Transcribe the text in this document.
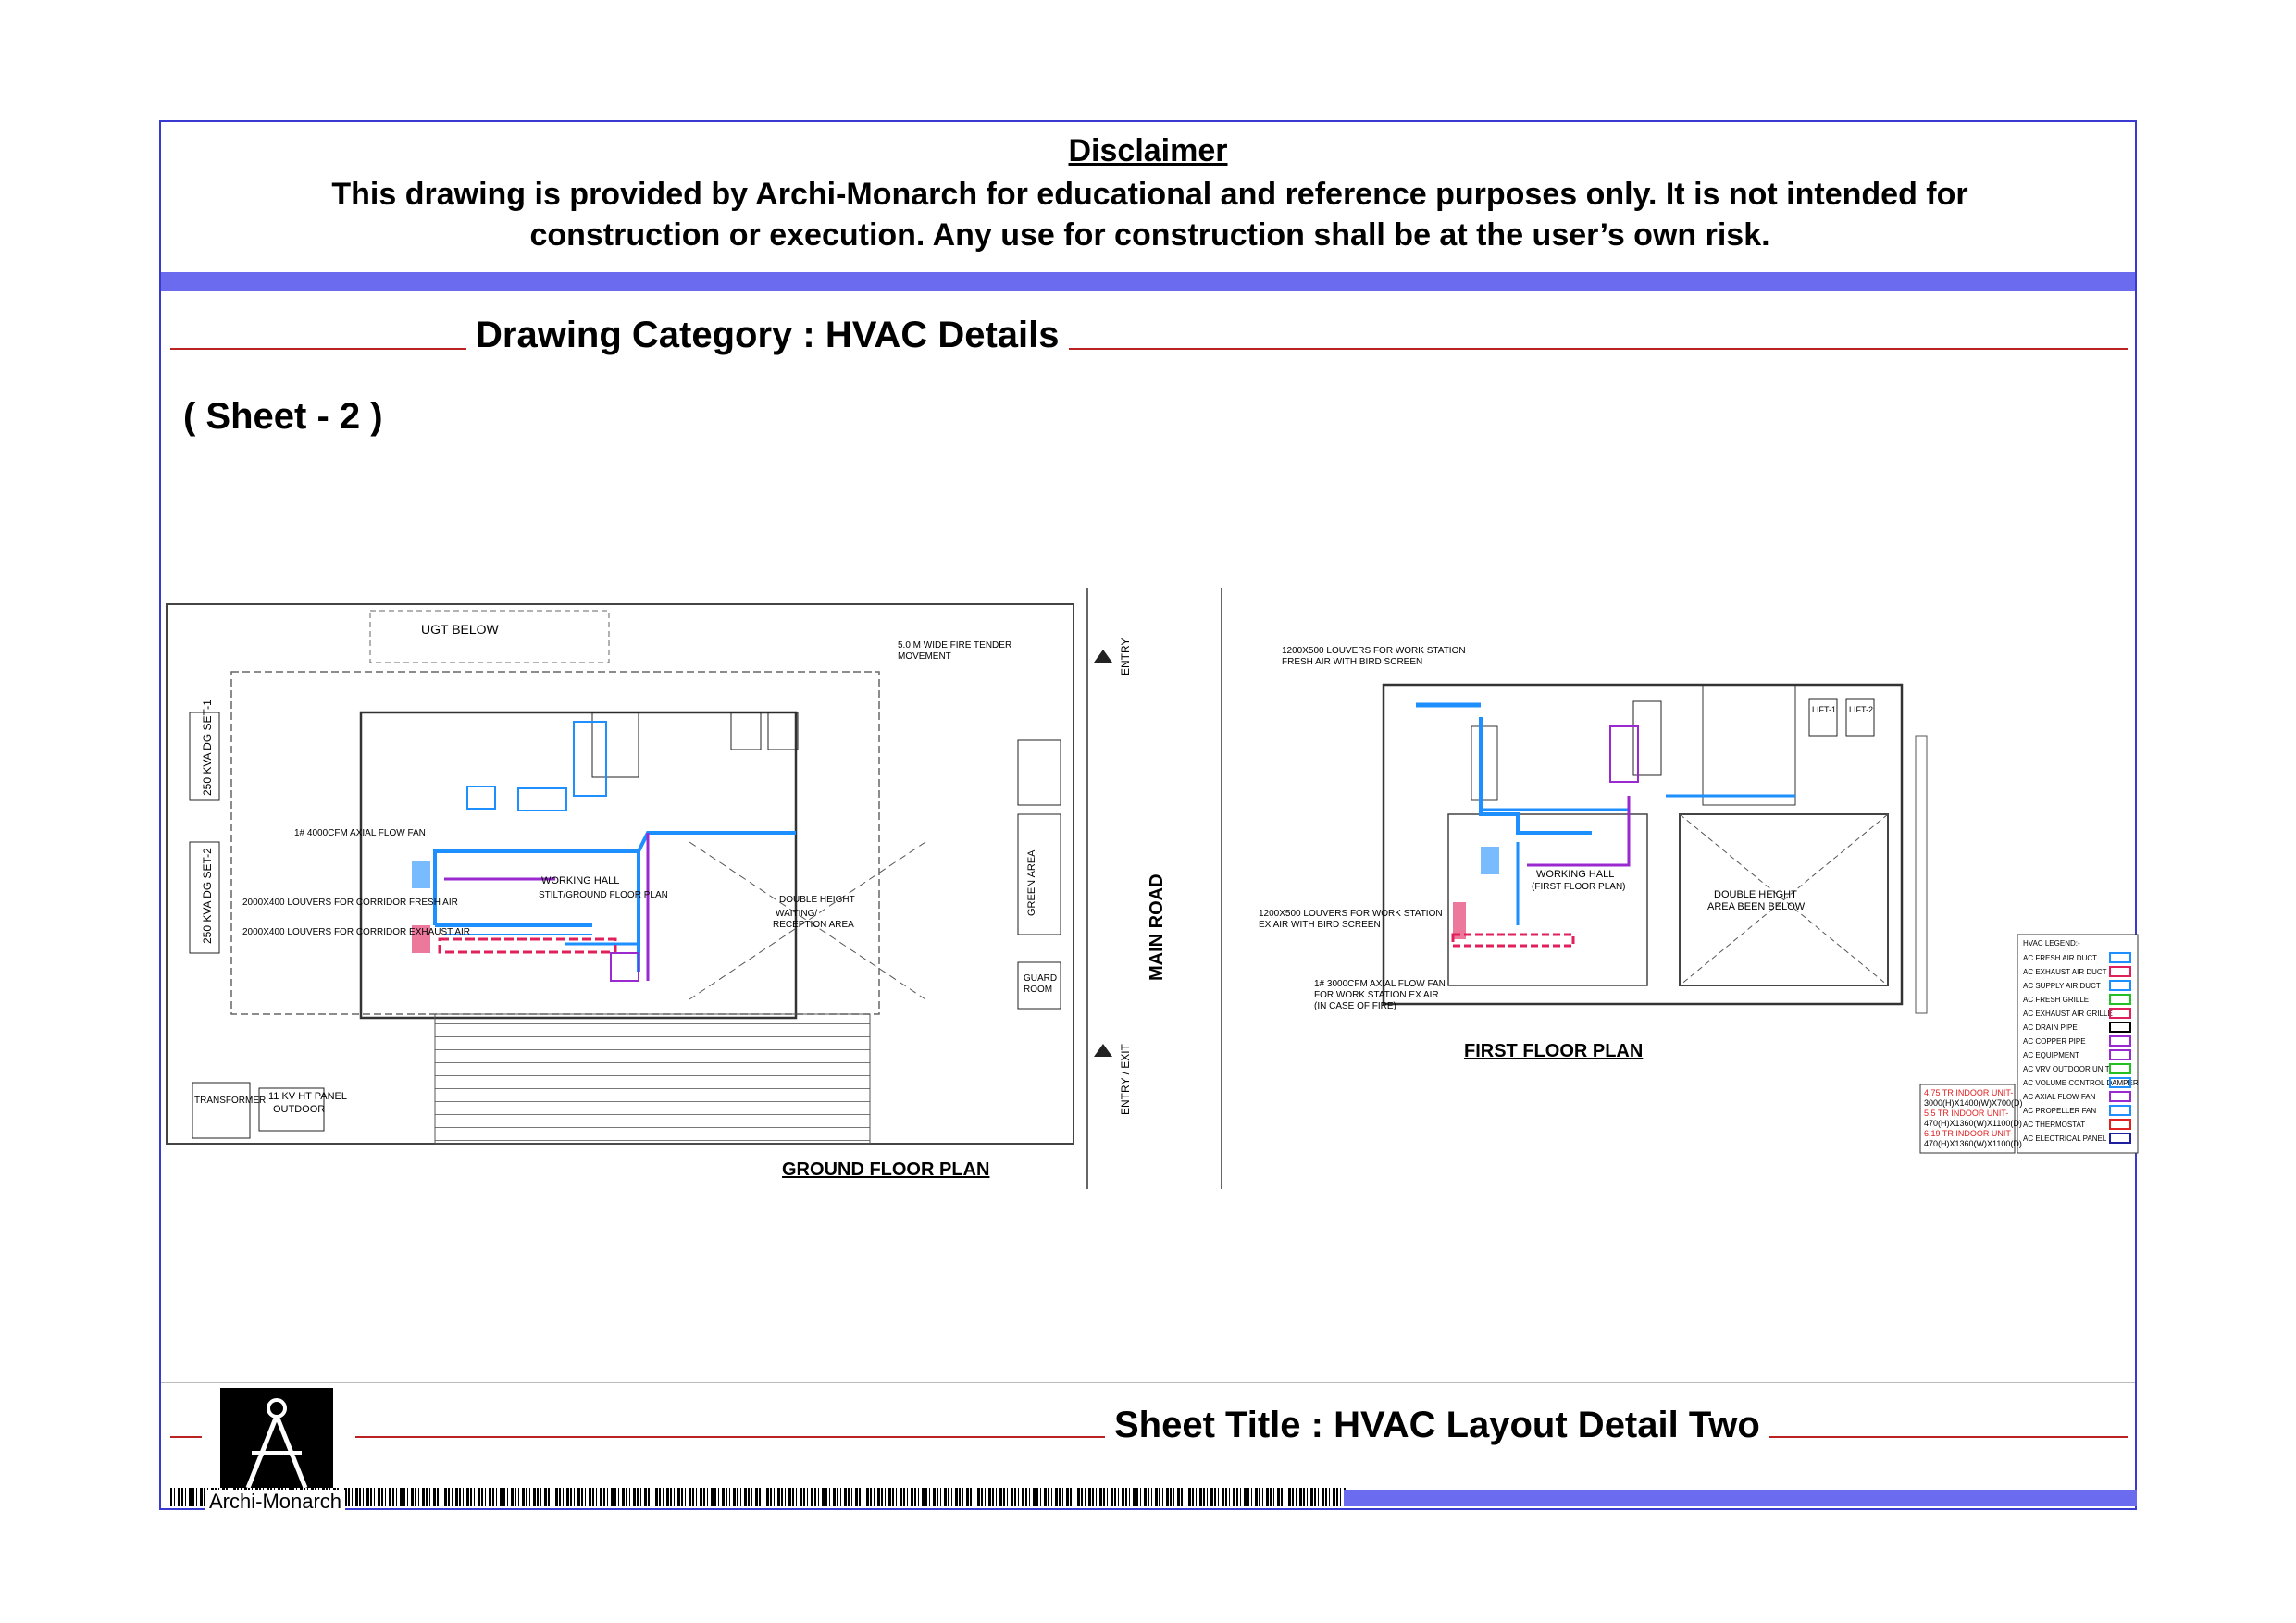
Disclaimer
This drawing is provided by Archi-Monarch for educational and reference purposes only. It is not intended for
construction or execution. Any use for construction shall be at the user’s own risk.
Drawing Category : HVAC Details
( Sheet - 2 )
Sheet Title : HVAC Layout Detail Two
Archi-Monarch
UGT BELOW
GROUND FLOOR PLAN
WORKING HALL
STILT/GROUND FLOOR PLAN	DOUBLE HEIGHT
WAITING/
RECEPTION AREA
11 KV HT PANEL
OUTDOOR
TRANSFORMER
1# 4000CFM AXIAL FLOW FAN
2000X400 LOUVERS FOR CORRIDOR FRESH AIR
2000X400 LOUVERS FOR CORRIDOR EXHAUST AIR
5.0 M WIDE FIRE TENDER
MOVEMENT
250 KVA DG SET-1
250 KVA DG SET-2	GREEN AREA
GUARD
ROOM
MAIN ROAD
ENTRY
ENTRY / EXIT	FIRST FLOOR PLAN
WORKING HALL
(FIRST FLOOR PLAN)
DOUBLE HEIGHT
AREA BEEN BELOW
1200X500 LOUVERS FOR WORK STATION
FRESH AIR WITH BIRD SCREEN
1200X500 LOUVERS FOR WORK STATION
EX AIR WITH BIRD SCREEN
1# 3000CFM AXIAL FLOW FAN
FOR WORK STATION EX AIR
(IN CASE OF FIRE)
LIFT-1 LIFT-2
HVAC LEGEND:-
AC FRESH AIR DUCT
AC EXHAUST AIR DUCT
AC SUPPLY AIR DUCT
AC FRESH GRILLE
AC EXHAUST AIR GRILLE
AC DRAIN PIPE
AC COPPER PIPE
AC EQUIPMENT
AC VRV OUTDOOR UNIT
AC VOLUME CONTROL DAMPER
AC AXIAL FLOW FAN
AC PROPELLER FAN
AC THERMOSTAT
AC ELECTRICAL PANEL
4.75 TR INDOOR UNIT-
3000(H)X1400(W)X700(D)
5.5 TR INDOOR UNIT-
470(H)X1360(W)X1100(D)
6.19 TR INDOOR UNIT-
470(H)X1360(W)X1100(D)
